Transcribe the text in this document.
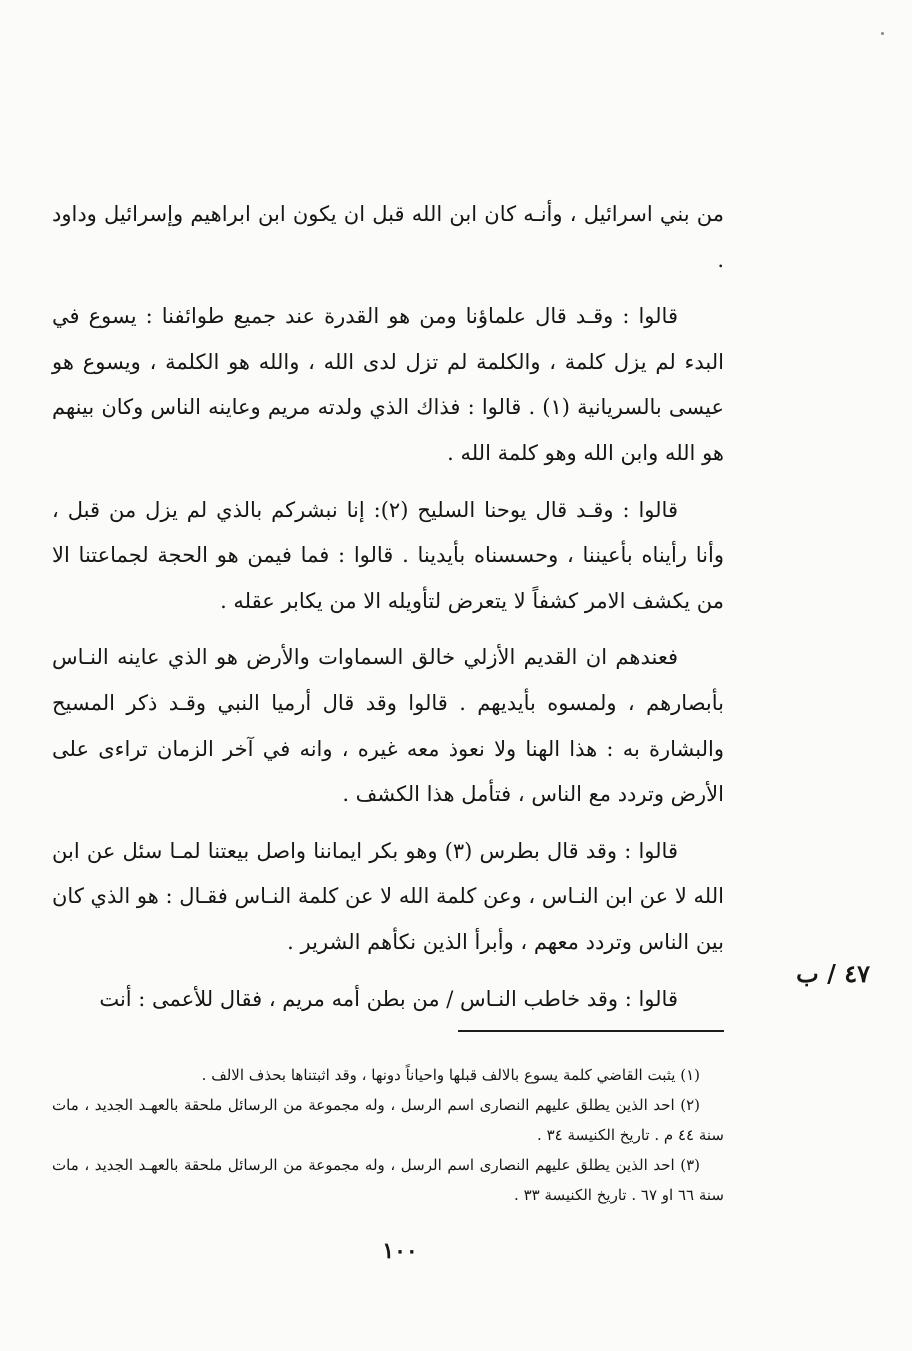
من بني اسرائيل ، وأنـه كان ابن الله قبل ان يكون ابن ابراهيم وإسرائيل وداود .

قالوا : وقـد قال علماؤنا ومن هو القدرة عند جميع طوائفنا : يسوع في البدء لم يزل كلمة ، والكلمة لم تزل لدى الله ، والله هو الكلمة ، ويسوع هو عيسى بالسريانية (١) . قالوا : فذاك الذي ولدته مريم وعاينه الناس وكان بينهم هو الله وابن الله وهو كلمة الله .

قالوا : وقـد قال يوحنا السليح (٢): إنا نبشركم بالذي لم يزل من قبل ، وأنا رأيناه بأعيننا ، وحسسناه بأيدينا . قالوا : فما فيمن هو الحجة لجماعتنا الا من يكشف الامر كشفاً لا يتعرض لتأويله الا من يكابر عقله .

فعندهم ان القديم الأزلي خالق السماوات والأرض هو الذي عاينه النـاس بأبصارهم ، ولمسوه بأيديهم . قالوا وقد قال أرميا النبي وقـد ذكر المسيح والبشارة به : هذا الهنا ولا نعوذ معه غيره ، وانه في آخر الزمان تراءى على الأرض وتردد مع الناس ، فتأمل هذا الكشف .

قالوا : وقد قال بطرس (٣) وهو بكر ايماننا واصل بيعتنا لمـا سئل عن ابن الله لا عن ابن النـاس ، وعن كلمة الله لا عن كلمة النـاس فقـال : هو الذي كان بين الناس وتردد معهم ، وأبرأ الذين نكأهم الشرير .

قالوا : وقد خاطب النـاس / من بطن أمه مريم ، فقال للأعمى : أنت

٤٧ / ب

(١) يثبت القاضي كلمة يسوع بالالف قبلها واحياناً دونها ، وقد اثبتناها بحذف الالف .

(٢) احد الذين يطلق عليهم النصارى اسم الرسل ، وله مجموعة من الرسائل ملحقة بالعهـد الجديد ، مات سنة ٤٤ م . تاريخ الكنيسة ٣٤ .

(٣) احد الذين يطلق عليهم النصارى اسم الرسل ، وله مجموعة من الرسائل ملحقة بالعهـد الجديد ، مات سنة ٦٦ او ٦٧ . تاريخ الكنيسة ٣٣ .

١٠٠
